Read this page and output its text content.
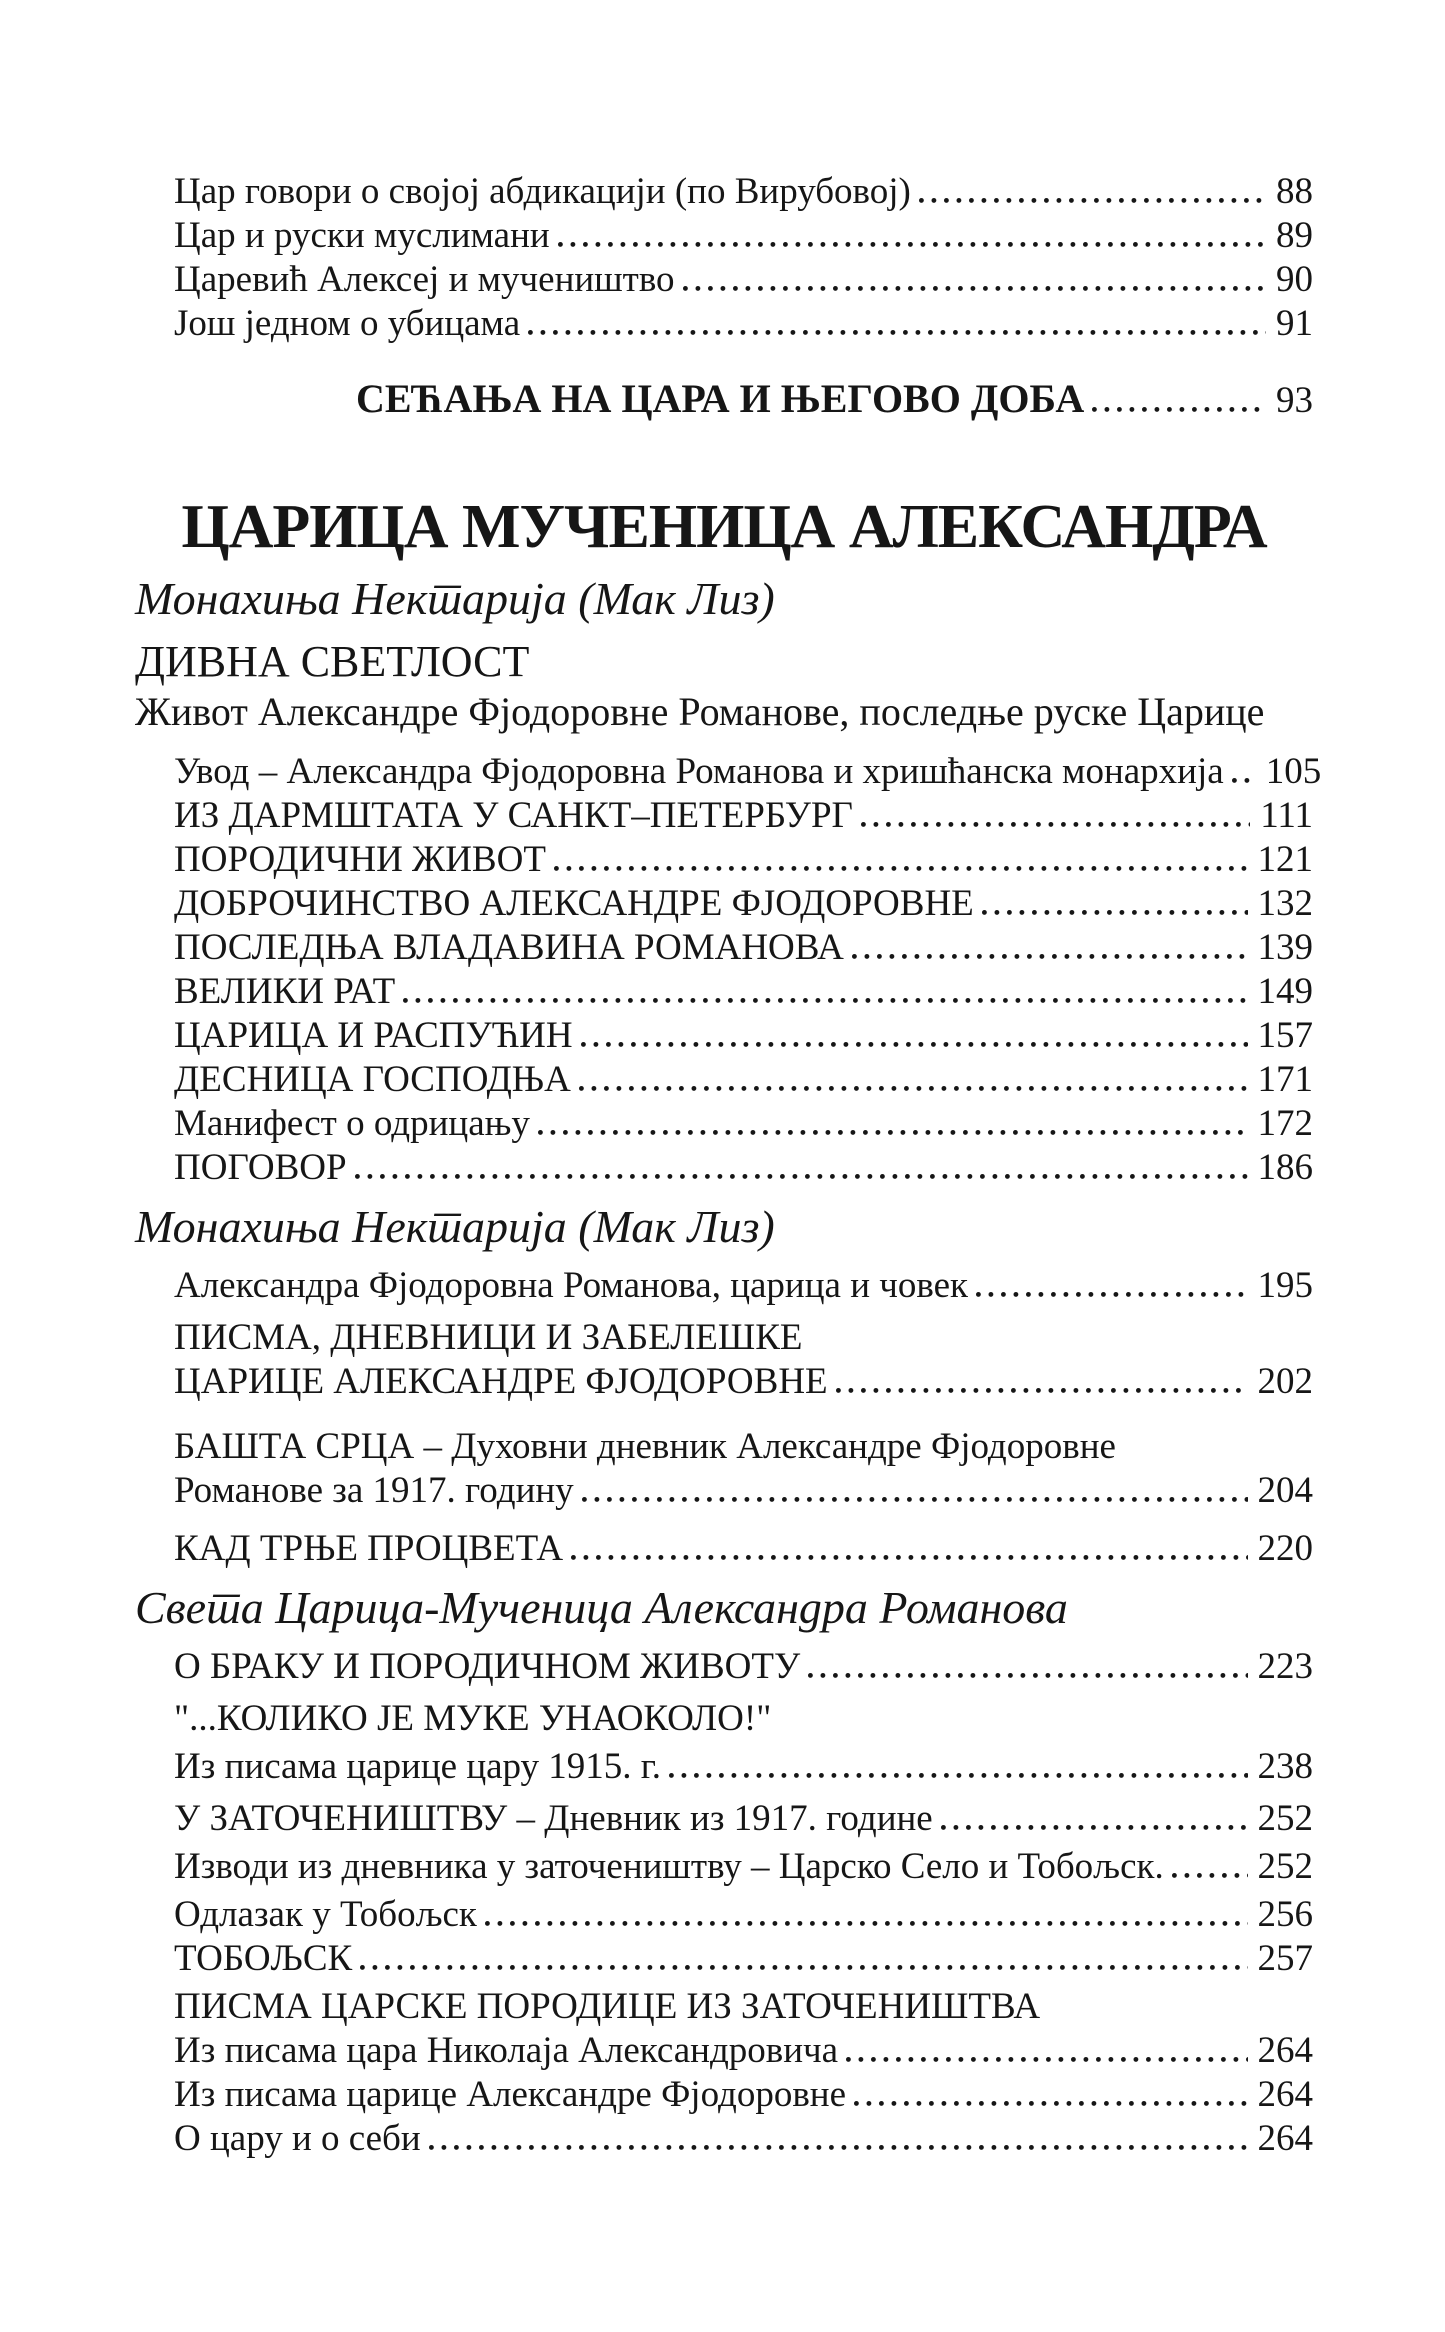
Цар говори о својој абдикацији (по Вирубовој)	88
Цар и руски муслимани	89
Царевић Алексеј и мучеништво	90
Још једном о убицама	91
СЕЋАЊА НА ЦАРА И ЊЕГОВО ДОБА	93
ЦАРИЦА МУЧЕНИЦА АЛЕКСАНДРА
Монахиња Нектарија (Мак Лиз)
ДИВНА СВЕТЛОСТ
Живот Александре Фјодоровне Романове, последње руске Царице
Увод – Александра Фјодоровна Романова и хришћанска монархија 105
ИЗ ДАРМШТАТА У САНКТ–ПЕТЕРБУРГ	111
ПОРОДИЧНИ ЖИВОТ	121
ДОБРОЧИНСТВО АЛЕКСАНДРЕ ФЈОДОРОВНЕ	132
ПОСЛЕДЊА ВЛАДАВИНА РОМАНОВА	139
ВЕЛИКИ РАТ	149
ЦАРИЦА И РАСПУЋИН	157
ДЕСНИЦА ГОСПОДЊА	171
Манифест о одрицању	172
ПОГОВОР	186
Монахиња Нектарија (Мак Лиз)
Александра Фјодоровна Романова, царица и човек	195
ПИСМА, ДНЕВНИЦИ И ЗАБЕЛЕШКЕ
ЦАРИЦЕ АЛЕКСАНДРЕ ФЈОДОРОВНЕ	202
БАШТА СРЦА – Духовни дневник Александре Фјодоровне
Романове за 1917. годину	204
КАД ТРЊЕ ПРОЦВЕТА	220
Света Царица-Мученица Александра Романова
О БРАКУ И ПОРОДИЧНОМ ЖИВОТУ	223
"...КОЛИКО ЈЕ МУКЕ УНАОКОЛО!"
Из писама царице цару 1915. г.	238
У ЗАТОЧЕНИШТВУ – Дневник из 1917. године	252
Изводи из дневника у заточеништву – Царско Село и Тобољск.	252
Одлазак у Тобољск	256
ТОБОЉСК	257
ПИСМА ЦАРСКЕ ПОРОДИЦЕ ИЗ ЗАТОЧЕНИШТВА
Из писама цара Николаја Александровича	264
Из писама царице Александре Фјодоровне	264
О цару и о себи	264
